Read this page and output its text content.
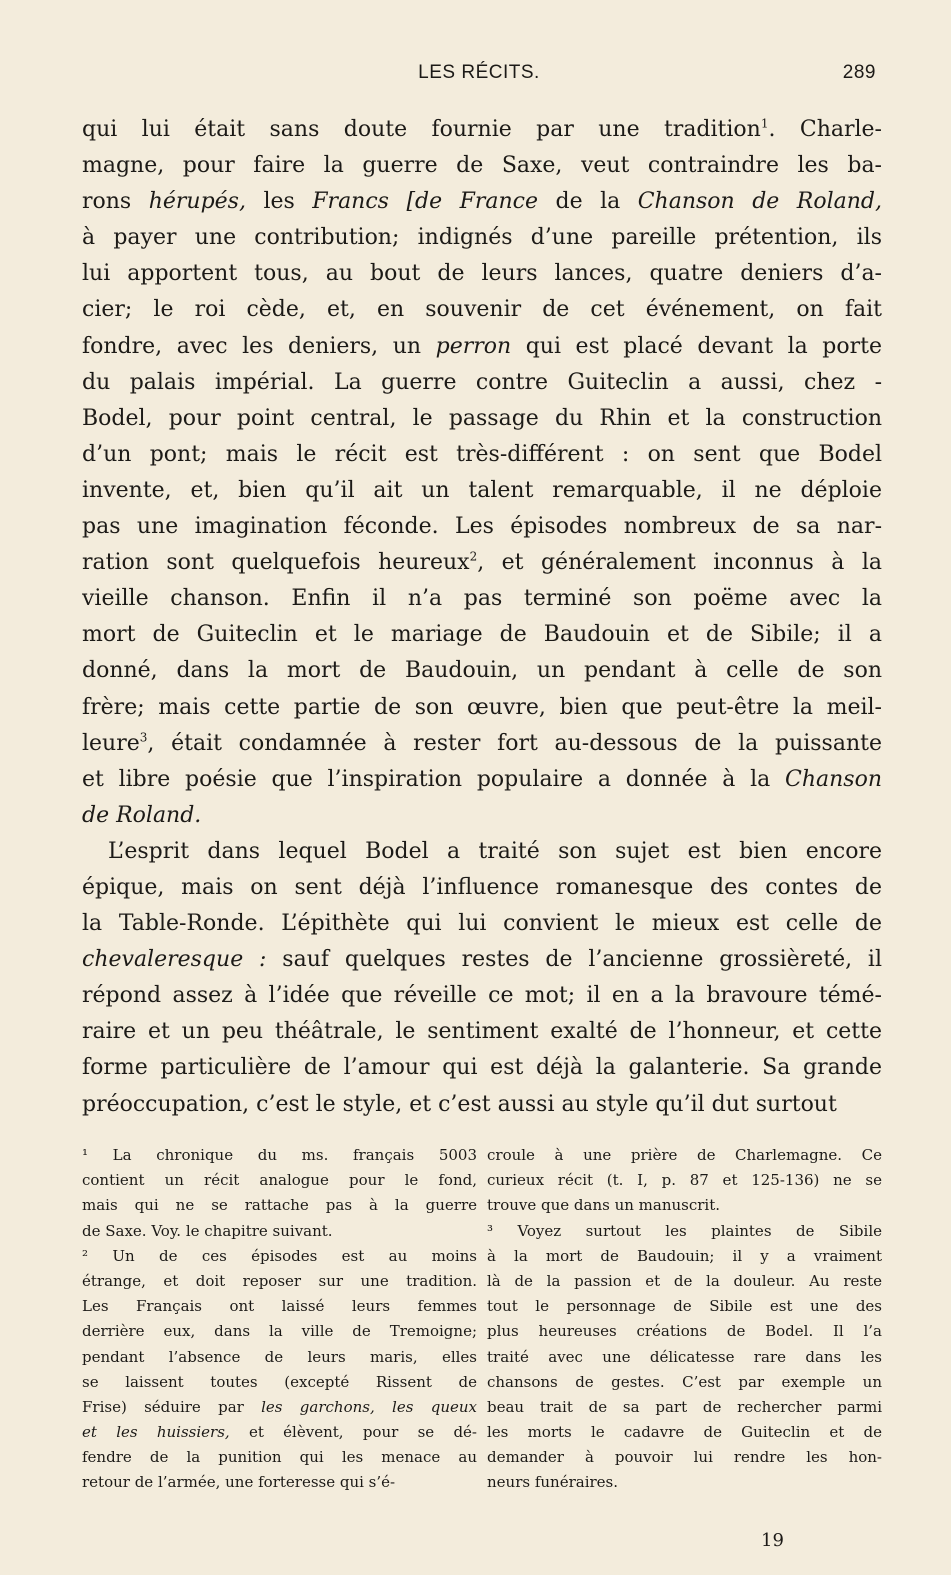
LES RÉCITS.	289
qui lui était sans doute fournie par une tradition$^1$. Charle-
magne, pour faire la guerre de Saxe, veut contraindre les ba-
rons hérupés, les Francs [de France de la Chanson de Roland,
à payer une contribution; indignés d’une pareille prétention, ils
lui apportent tous, au bout de leurs lances, quatre deniers d’a-
cier; le roi cède, et, en souvenir de cet événement, on fait
fondre, avec les deniers, un perron qui est placé devant la porte
du palais impérial. La guerre contre Guiteclin a aussi, chez -
Bodel, pour point central, le passage du Rhin et la construction
d’un pont; mais le récit est très-différent : on sent que Bodel
invente, et, bien qu’il ait un talent remarquable, il ne déploie
pas une imagination féconde. Les épisodes nombreux de sa nar-
ration sont quelquefois heureux$^2$, et généralement inconnus à la
vieille chanson. Enfin il n’a pas terminé son poëme avec la
mort de Guiteclin et le mariage de Baudouin et de Sibile; il a
donné, dans la mort de Baudouin, un pendant à celle de son
frère; mais cette partie de son œuvre, bien que peut-être la meil-
leure$^3$, était condamnée à rester fort au-dessous de la puissante
et libre poésie que l’inspiration populaire a donnée à la Chanson
de Roland.
L’esprit dans lequel Bodel a traité son sujet est bien encore
épique, mais on sent déjà l’influence romanesque des contes de
la Table-Ronde. L’épithète qui lui convient le mieux est celle de
chevaleresque : sauf quelques restes de l’ancienne grossièreté, il
répond assez à l’idée que réveille ce mot; il en a la bravoure témé-
raire et un peu théâtrale, le sentiment exalté de l’honneur, et cette
forme particulière de l’amour qui est déjà la galanterie. Sa grande
préoccupation, c’est le style, et c’est aussi au style qu’il dut surtout
¹ La chronique du ms. français 5003
contient un récit analogue pour le fond,
mais qui ne se rattache pas à la guerre
de Saxe. Voy. le chapitre suivant.
² Un de ces épisodes est au moins
étrange, et doit reposer sur une tradition.
Les Français ont laissé leurs femmes
derrière eux, dans la ville de Tremoigne;
pendant l’absence de leurs maris, elles
se laissent toutes (excepté Rissent de
Frise) séduire par les garchons, les queux
et les huissiers, et élèvent, pour se dé-
fendre de la punition qui les menace au
retour de l’armée, une forteresse qui s’é-
croule à une prière de Charlemagne. Ce
curieux récit (t. I, p. 87 et 125-136) ne se
trouve que dans un manuscrit.
³ Voyez surtout les plaintes de Sibile
à la mort de Baudouin; il y a vraiment
là de la passion et de la douleur. Au reste
tout le personnage de Sibile est une des
plus heureuses créations de Bodel. Il l’a
traité avec une délicatesse rare dans les
chansons de gestes. C’est par exemple un
beau trait de sa part de rechercher parmi
les morts le cadavre de Guiteclin et de
demander à pouvoir lui rendre les hon-
neurs funéraires.
19
